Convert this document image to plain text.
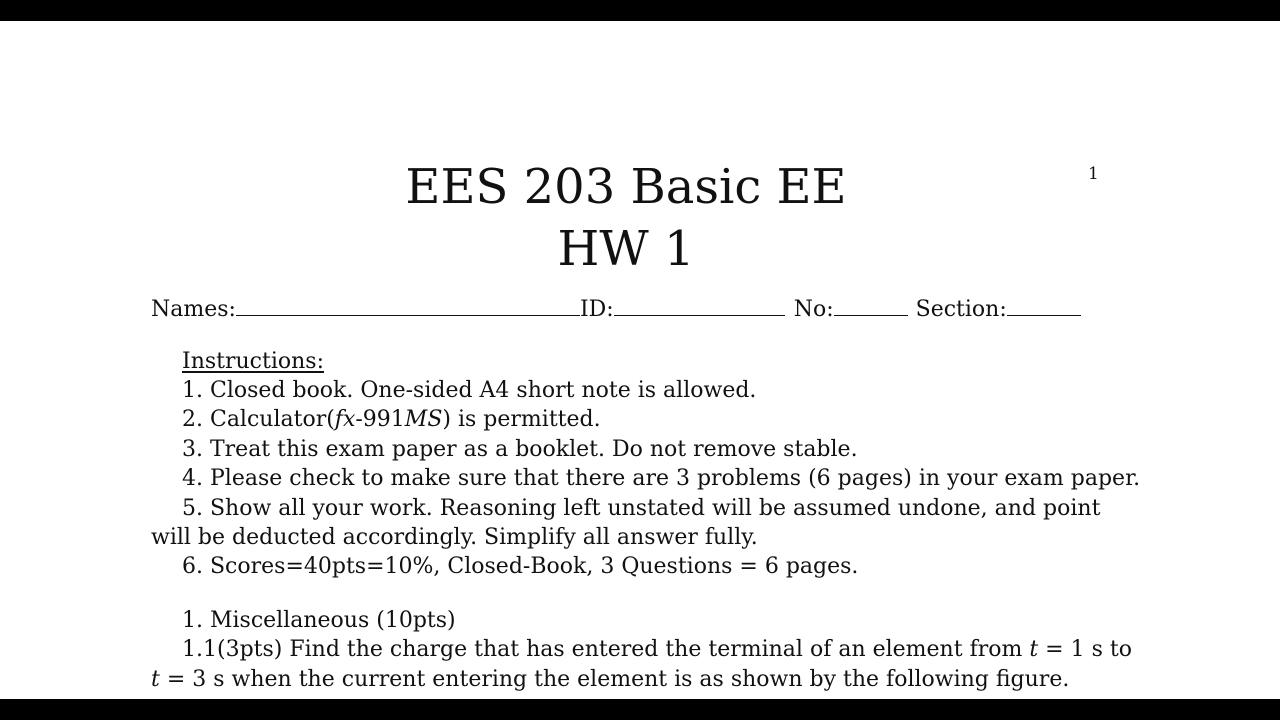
1
EES 203 Basic EE
HW 1
Names:	ID:	No:	Section:
Instructions:
1. Closed book. One-sided A4 short note is allowed.
2. Calculator(fx-991MS) is permitted.
3. Treat this exam paper as a booklet. Do not remove stable.
4. Please check to make sure that there are 3 problems (6 pages) in your exam paper.
5. Show all your work. Reasoning left unstated will be assumed undone, and point
will be deducted accordingly. Simplify all answer fully.
6. Scores=40pts=10%, Closed-Book, 3 Questions = 6 pages.
1. Miscellaneous (10pts)
1.1(3pts) Find the charge that has entered the terminal of an element from t = 1 s to
t = 3 s when the current entering the element is as shown by the following figure.
